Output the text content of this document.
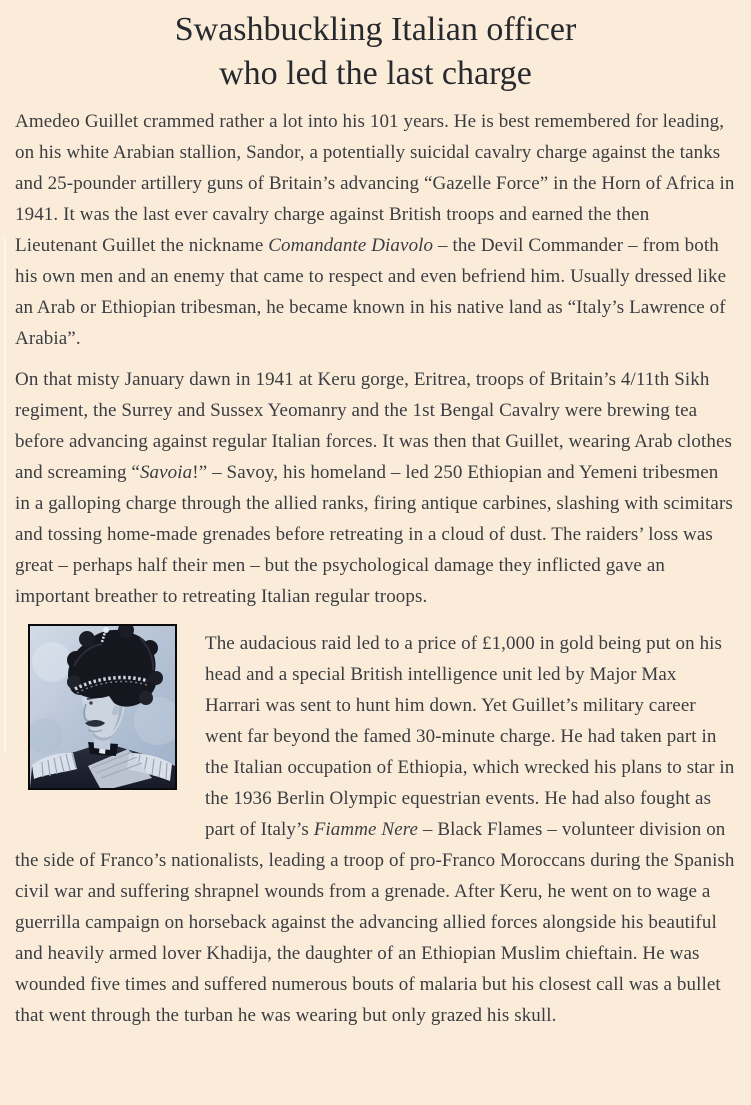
Swashbuckling Italian officer
who led the last charge

Amedeo Guillet crammed rather a lot into his 101 years. He is best remembered for leading, on his white Arabian stallion, Sandor, a potentially suicidal cavalry charge against the tanks and 25-pounder artillery guns of Britain’s advancing “Gazelle Force” in the Horn of Africa in 1941. It was the last ever cavalry charge against British troops and earned the then Lieutenant Guillet the nickname Comandante Diavolo – the Devil Commander – from both his own men and an enemy that came to respect and even befriend him. Usually dressed like an Arab or Ethiopian tribesman, he became known in his native land as “Italy’s Lawrence of Arabia”.

On that misty January dawn in 1941 at Keru gorge, Eritrea, troops of Britain’s 4/11th Sikh regiment, the Surrey and Sussex Yeomanry and the 1st Bengal Cavalry were brewing tea before advancing against regular Italian forces. It was then that Guillet, wearing Arab clothes and screaming “Savoia!” – Savoy, his homeland – led 250 Ethiopian and Yemeni tribesmen in a galloping charge through the allied ranks, firing antique carbines, slashing with scimitars and tossing home-made grenades before retreating in a cloud of dust. The raiders’ loss was great – perhaps half their men – but the psychological damage they inflicted gave an important breather to retreating Italian regular troops.

The audacious raid led to a price of £1,000 in gold being put on his head and a special British intelligence unit led by Major Max Harrari was sent to hunt him down. Yet Guillet’s military career went far beyond the famed 30-minute charge. He had taken part in the Italian occupation of Ethiopia, which wrecked his plans to star in the 1936 Berlin Olympic equestrian events. He had also fought as part of Italy’s Fiamme Nere – Black Flames – volunteer division on the side of Franco’s nationalists, leading a troop of pro-Franco Moroccans during the Spanish civil war and suffering shrapnel wounds from a grenade. After Keru, he went on to wage a guerrilla campaign on horseback against the advancing allied forces alongside his beautiful and heavily armed lover Khadija, the daughter of an Ethiopian Muslim chieftain. He was wounded five times and suffered numerous bouts of malaria but his closest call was a bullet that went through the turban he was wearing but only grazed his skull.
